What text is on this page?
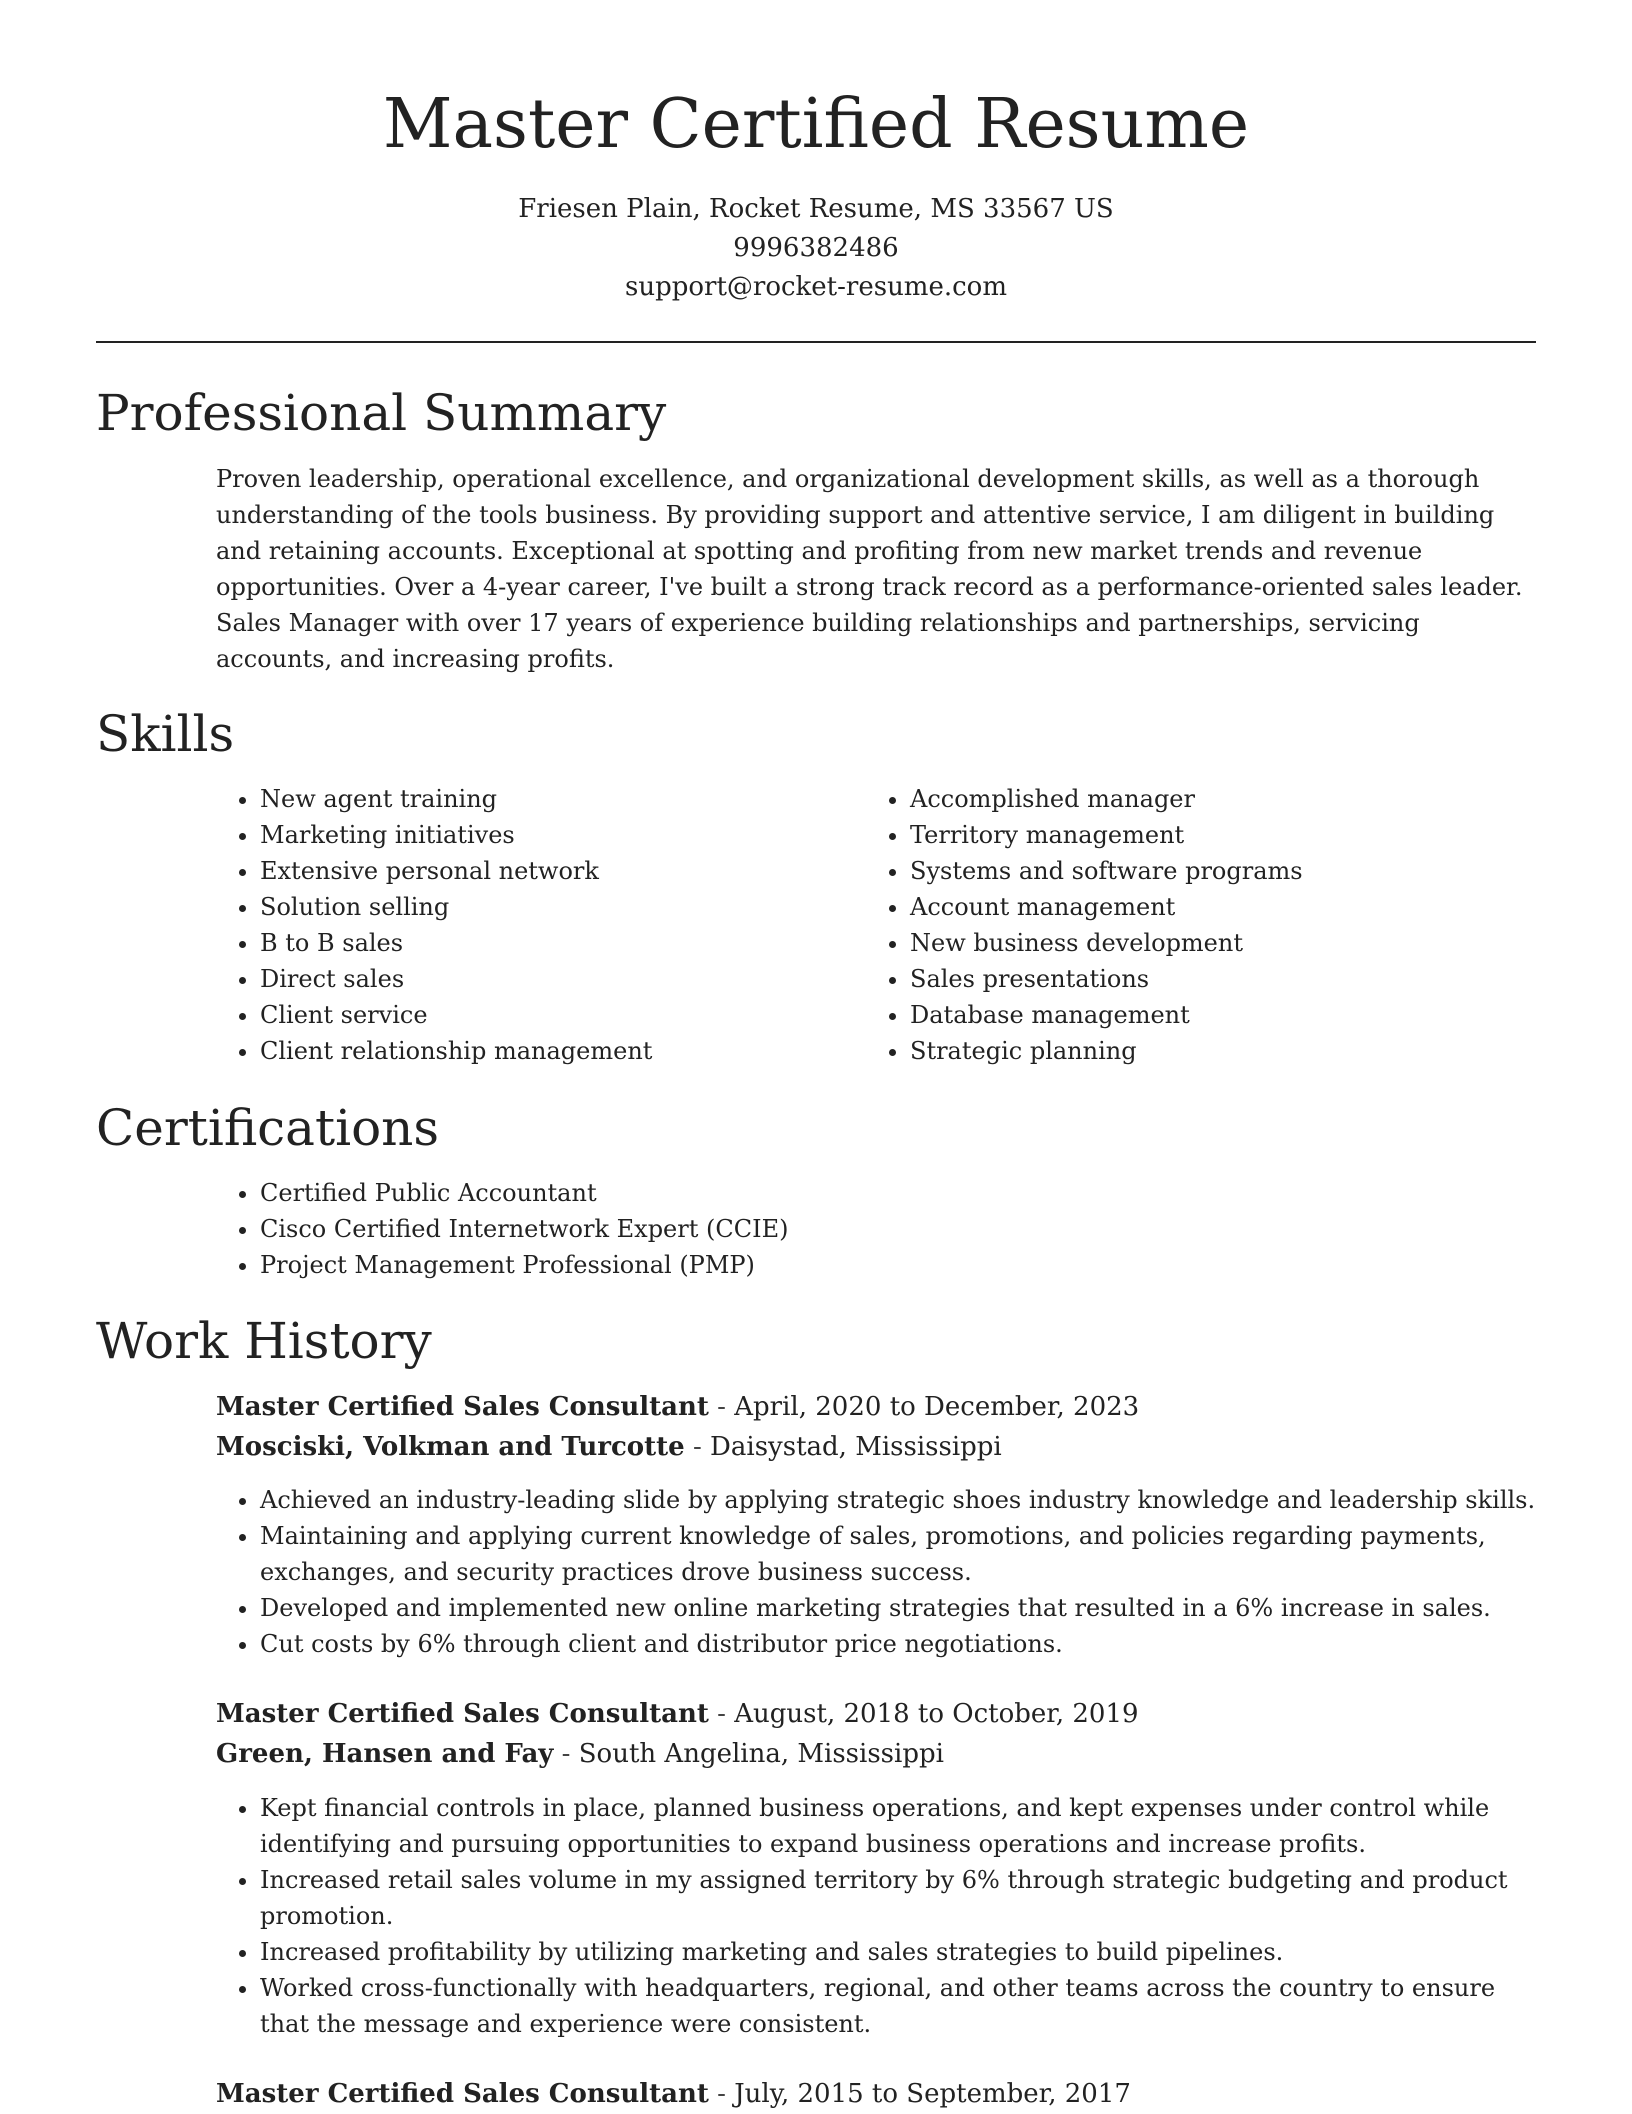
Master Certified Resume
Friesen Plain, Rocket Resume, MS 33567 US
9996382486
support@rocket-resume.com
Professional Summary

Proven leadership, operational excellence, and organizational development skills, as well as a thorough understanding of the tools business. By providing support and attentive service, I am diligent in building and retaining accounts. Exceptional at spotting and profiting from new market trends and revenue opportunities. Over a 4-year career, I've built a strong track record as a performance-oriented sales leader. Sales Manager with over 17 years of experience building relationships and partnerships, servicing accounts, and increasing profits.

Skills
• New agent training
• Marketing initiatives
• Extensive personal network
• Solution selling
• B to B sales
• Direct sales
• Client service
• Client relationship management
• Accomplished manager
• Territory management
• Systems and software programs
• Account management
• New business development
• Sales presentations
• Database management
• Strategic planning
Certifications
• Certified Public Accountant
• Cisco Certified Internetwork Expert (CCIE)
• Project Management Professional (PMP)
Work History
Master Certified Sales Consultant - April, 2020 to December, 2023
Mosciski, Volkman and Turcotte - Daisystad, Mississippi
• Achieved an industry-leading slide by applying strategic shoes industry knowledge and leadership skills.
• Maintaining and applying current knowledge of sales, promotions, and policies regarding payments, exchanges, and security practices drove business success.
• Developed and implemented new online marketing strategies that resulted in a 6% increase in sales.
• Cut costs by 6% through client and distributor price negotiations.
Master Certified Sales Consultant - August, 2018 to October, 2019
Green, Hansen and Fay - South Angelina, Mississippi
• Kept financial controls in place, planned business operations, and kept expenses under control while identifying and pursuing opportunities to expand business operations and increase profits.
• Increased retail sales volume in my assigned territory by 6% through strategic budgeting and product promotion.
• Increased profitability by utilizing marketing and sales strategies to build pipelines.
• Worked cross-functionally with headquarters, regional, and other teams across the country to ensure that the message and experience were consistent.
Master Certified Sales Consultant - July, 2015 to September, 2017
